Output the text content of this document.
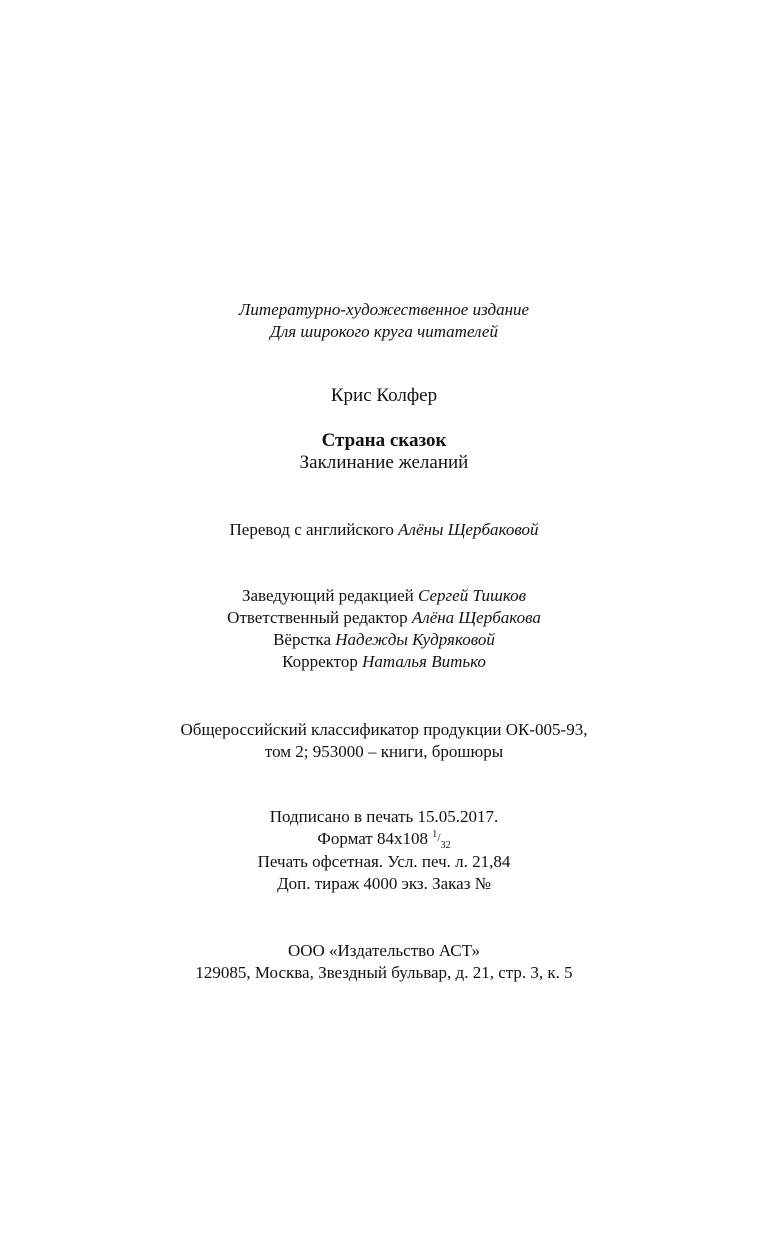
Литературно-художественное издание
Для широкого круга читателей
Крис Колфер
Страна сказок
Заклинание желаний
Перевод с английского Алёны Щербаковой
Заведующий редакцией Сергей Тишков
Ответственный редактор Алёна Щербакова
Вёрстка Надежды Кудряковой
Корректор Наталья Витько
Общероссийский классификатор продукции ОК-005-93,
том 2; 953000 – книги, брошюры
Подписано в печать 15.05.2017.
Формат 84x108 $^1/_{32}$
Печать офсетная. Усл. печ. л. 21,84
Доп. тираж 4000 экз. Заказ №
ООО «Издательство АСТ»
129085, Москва, Звездный бульвар, д. 21, стр. 3, к. 5
